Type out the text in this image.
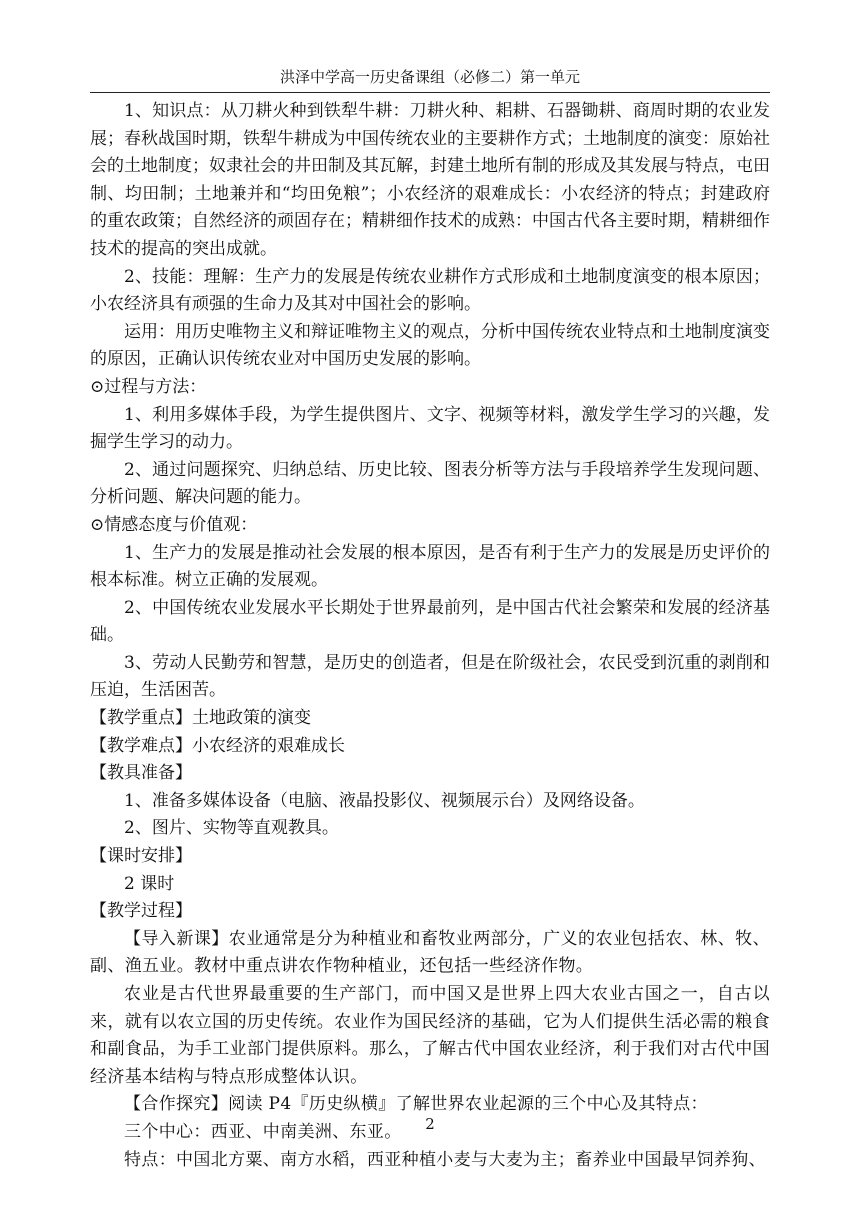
洪泽中学高一历史备课组（必修二）第一单元

1、知识点：从刀耕火种到铁犁牛耕：刀耕火种、耜耕、石器锄耕、商周时期的农业发展；春秋战国时期，铁犁牛耕成为中国传统农业的主要耕作方式；土地制度的演变：原始社会的土地制度；奴隶社会的井田制及其瓦解，封建土地所有制的形成及其发展与特点，屯田制、均田制；土地兼并和“均田免粮”；小农经济的艰难成长：小农经济的特点；封建政府的重农政策；自然经济的顽固存在；精耕细作技术的成熟：中国古代各主要时期，精耕细作技术的提高的突出成就。

2、技能：理解：生产力的发展是传统农业耕作方式形成和土地制度演变的根本原因；小农经济具有顽强的生命力及其对中国社会的影响。

运用：用历史唯物主义和辩证唯物主义的观点，分析中国传统农业特点和土地制度演变的原因，正确认识传统农业对中国历史发展的影响。

⊙过程与方法：

1、利用多媒体手段，为学生提供图片、文字、视频等材料，激发学生学习的兴趣，发掘学生学习的动力。

2、通过问题探究、归纳总结、历史比较、图表分析等方法与手段培养学生发现问题、分析问题、解决问题的能力。

⊙情感态度与价值观：

1、生产力的发展是推动社会发展的根本原因，是否有利于生产力的发展是历史评价的根本标准。树立正确的发展观。

2、中国传统农业发展水平长期处于世界最前列，是中国古代社会繁荣和发展的经济基础。

3、劳动人民勤劳和智慧，是历史的创造者，但是在阶级社会，农民受到沉重的剥削和压迫，生活困苦。

【教学重点】土地政策的演变

【教学难点】小农经济的艰难成长

【教具准备】

1、准备多媒体设备（电脑、液晶投影仪、视频展示台）及网络设备。

2、图片、实物等直观教具。

【课时安排】

2 课时

【教学过程】

【导入新课】农业通常是分为种植业和畜牧业两部分，广义的农业包括农、林、牧、副、渔五业。教材中重点讲农作物种植业，还包括一些经济作物。

农业是古代世界最重要的生产部门，而中国又是世界上四大农业古国之一，自古以来，就有以农立国的历史传统。农业作为国民经济的基础，它为人们提供生活必需的粮食和副食品，为手工业部门提供原料。那么，了解古代中国农业经济，利于我们对古代中国经济基本结构与特点形成整体认识。

【合作探究】阅读 P4『历史纵横』了解世界农业起源的三个中心及其特点：

三个中心：西亚、中南美洲、东亚。

特点：中国北方粟、南方水稻，西亚种植小麦与大麦为主；畜养业中国最早饲养狗、

2
